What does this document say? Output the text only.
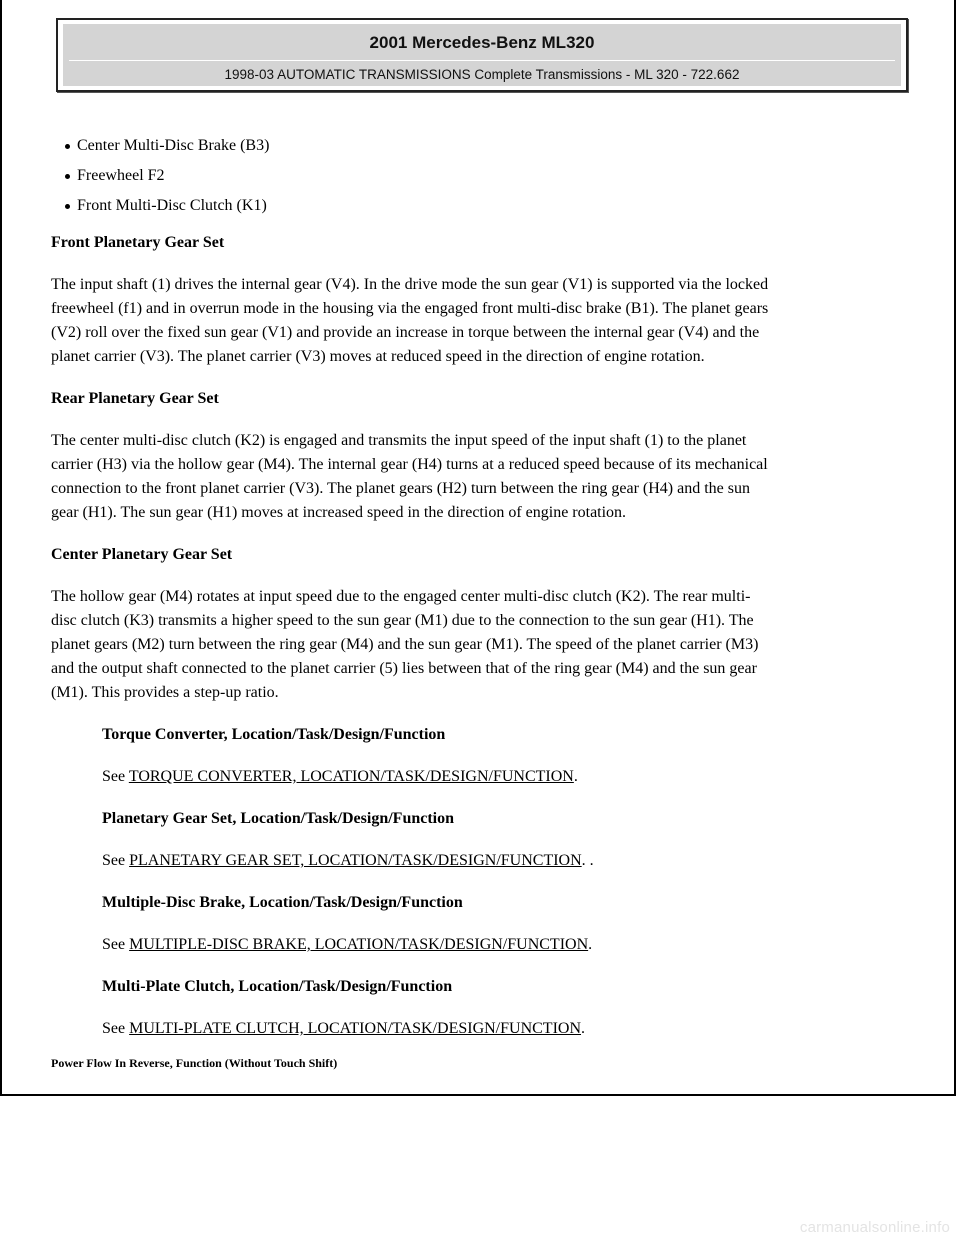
2001 Mercedes-Benz ML320
1998-03 AUTOMATIC TRANSMISSIONS Complete Transmissions - ML 320 - 722.662
Center Multi-Disc Brake (B3)
Freewheel F2
Front Multi-Disc Clutch (K1)

Front Planetary Gear Set

The input shaft (1) drives the internal gear (V4). In the drive mode the sun gear (V1) is supported via the locked
freewheel (f1) and in overrun mode in the housing via the engaged front multi-disc brake (B1). The planet gears
(V2) roll over the fixed sun gear (V1) and provide an increase in torque between the internal gear (V4) and the
planet carrier (V3). The planet carrier (V3) moves at reduced speed in the direction of engine rotation.

Rear Planetary Gear Set

The center multi-disc clutch (K2) is engaged and transmits the input speed of the input shaft (1) to the planet
carrier (H3) via the hollow gear (M4). The internal gear (H4) turns at a reduced speed because of its mechanical
connection to the front planet carrier (V3). The planet gears (H2) turn between the ring gear (H4) and the sun
gear (H1). The sun gear (H1) moves at increased speed in the direction of engine rotation.

Center Planetary Gear Set

The hollow gear (M4) rotates at input speed due to the engaged center multi-disc clutch (K2). The rear multi-
disc clutch (K3) transmits a higher speed to the sun gear (M1) due to the connection to the sun gear (H1). The
planet gears (M2) turn between the ring gear (M4) and the sun gear (M1). The speed of the planet carrier (M3)
and the output shaft connected to the planet carrier (5) lies between that of the ring gear (M4) and the sun gear
(M1). This provides a step-up ratio.

Torque Converter, Location/Task/Design/Function

See TORQUE CONVERTER, LOCATION/TASK/DESIGN/FUNCTION.

Planetary Gear Set, Location/Task/Design/Function

See PLANETARY GEAR SET, LOCATION/TASK/DESIGN/FUNCTION. .

Multiple-Disc Brake, Location/Task/Design/Function

See MULTIPLE-DISC BRAKE, LOCATION/TASK/DESIGN/FUNCTION.

Multi-Plate Clutch, Location/Task/Design/Function

See MULTI-PLATE CLUTCH, LOCATION/TASK/DESIGN/FUNCTION.

Power Flow In Reverse, Function (Without Touch Shift)

carmanualsonline.info
